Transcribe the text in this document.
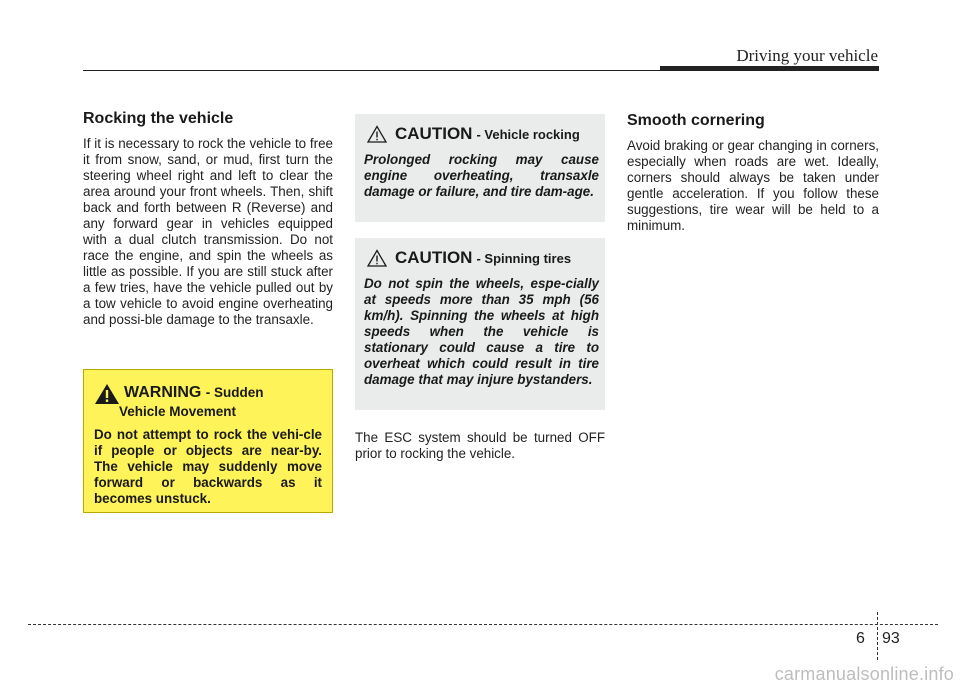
Driving your vehicle
Rocking the vehicle

If it is necessary to rock the vehicle to free it from snow, sand, or mud, first turn the steering wheel right and left to clear the area around your front wheels. Then, shift back and forth between R (Reverse) and any forward gear in vehicles equipped with a dual clutch transmission. Do not race the engine, and spin the wheels as little as possible. If you are still stuck after a few tries, have the vehicle pulled out by a tow vehicle to avoid engine overheating and possi-ble damage to the transaxle.

WARNING - Sudden
Vehicle Movement

Do not attempt to rock the vehi-cle if people or objects are near-by. The vehicle may suddenly move forward or backwards as it becomes unstuck.

CAUTION - Vehicle rocking

Prolonged rocking may cause engine overheating, transaxle damage or failure, and tire dam-age.

CAUTION - Spinning tires

Do not spin the wheels, espe-cially at speeds more than 35 mph (56 km/h). Spinning the wheels at high speeds when the vehicle is stationary could cause a tire to overheat which could result in tire damage that may injure bystanders.

The ESC system should be turned OFF prior to rocking the vehicle.

Smooth cornering

Avoid braking or gear changing in corners, especially when roads are wet. Ideally, corners should always be taken under gentle acceleration. If you follow these suggestions, tire wear will be held to a minimum.

6 93
carmanualsonline.info
